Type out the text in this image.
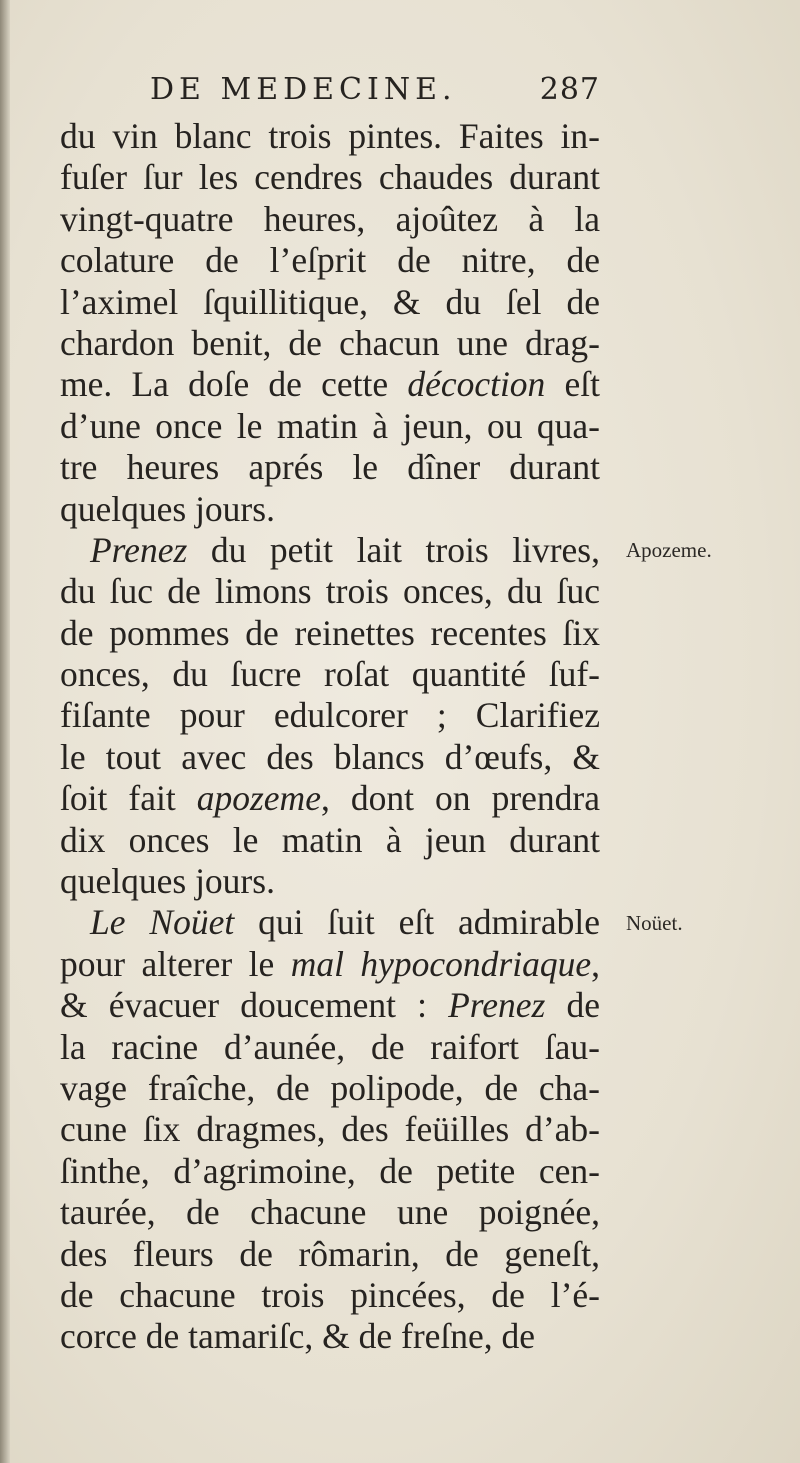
DE MEDECINE.	287
du vin blanc trois pintes. Faites in-
fuſer ſur les cendres chaudes durant
vingt-quatre heures, ajoûtez à la
colature de l’eſprit de nitre, de
l’aximel ſquillitique, & du ſel de
chardon benit, de chacun une drag-
me. La doſe de cette décoction eſt
d’une once le matin à jeun, ou qua-
tre heures aprés le dîner durant
quelques jours.
Prenez du petit lait trois livres,
du ſuc de limons trois onces, du ſuc
de pommes de reinettes recentes ſix
onces, du ſucre roſat quantité ſuf-
fiſante pour edulcorer ; Clarifiez
le tout avec des blancs d’œufs, &
ſoit fait apozeme, dont on prendra
dix onces le matin à jeun durant
quelques jours.
Le Noüet qui ſuit eſt admirable
pour alterer le mal hypocondriaque,
& évacuer doucement : Prenez de
la racine d’aunée, de raifort ſau-
vage fraîche, de polipode, de cha-
cune ſix dragmes, des feüilles d’ab-
ſinthe, d’agrimoine, de petite cen-
taurée, de chacune une poignée,
des fleurs de rômarin, de geneſt,
de chacune trois pincées, de l’é-
corce de tamariſc, & de freſne, de
Apozeme.
Noüet.
